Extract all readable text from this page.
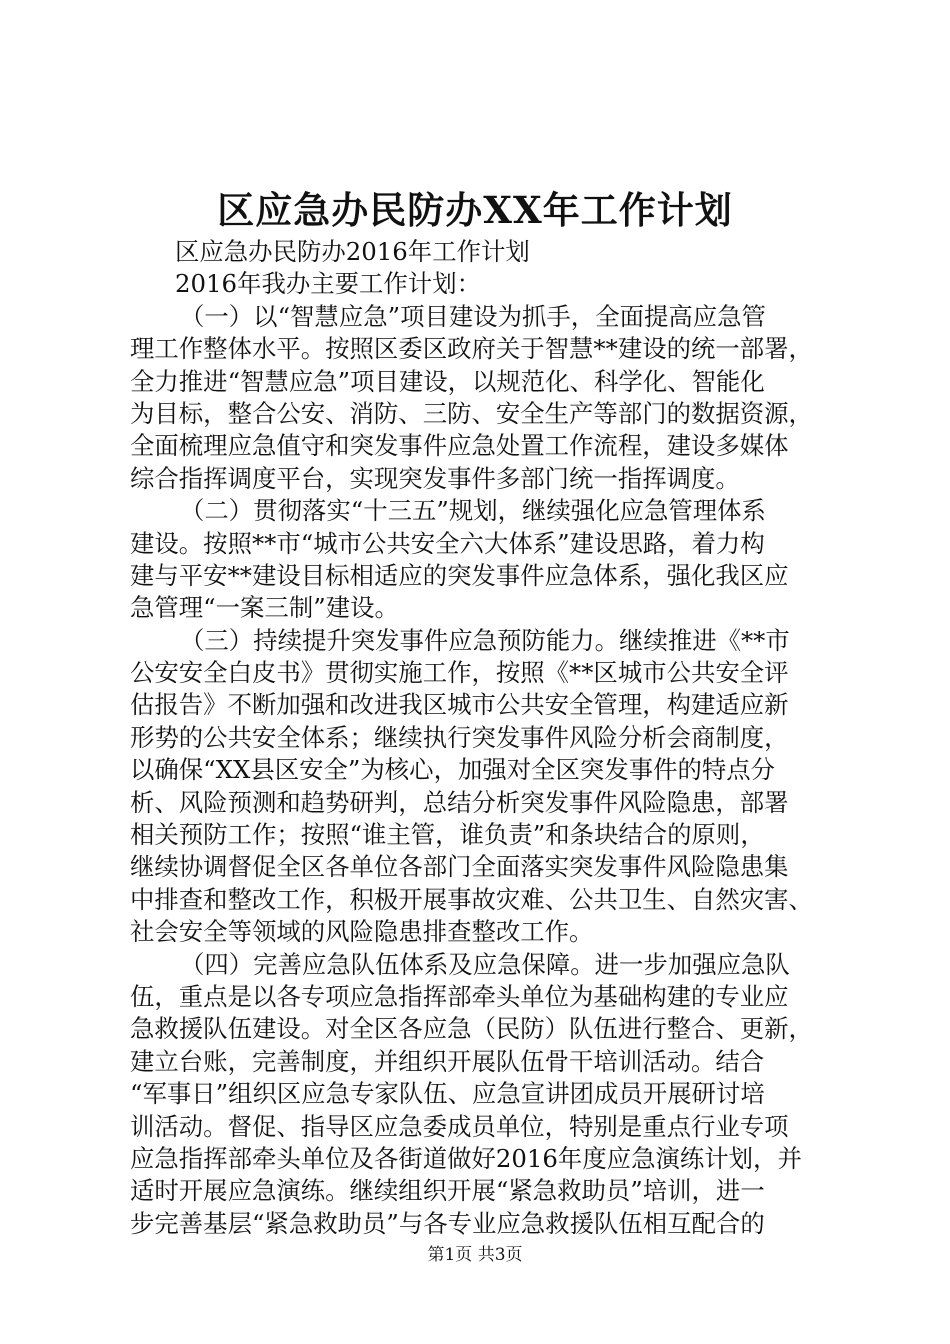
区应急办民防办XX年工作计划
区应急办民防办2016年工作计划
2016年我办主要工作计划：
（一）以“智慧应急”项目建设为抓手，全面提高应急管
理工作整体水平。按照区委区政府关于智慧**建设的统一部署，
全力推进“智慧应急”项目建设，以规范化、科学化、智能化
为目标，整合公安、消防、三防、安全生产等部门的数据资源，
全面梳理应急值守和突发事件应急处置工作流程，建设多媒体
综合指挥调度平台，实现突发事件多部门统一指挥调度。
（二）贯彻落实“十三五”规划，继续强化应急管理体系
建设。按照**市“城市公共安全六大体系”建设思路，着力构
建与平安**建设目标相适应的突发事件应急体系，强化我区应
急管理“一案三制”建设。
（三）持续提升突发事件应急预防能力。继续推进《**市
公安安全白皮书》贯彻实施工作，按照《**区城市公共安全评
估报告》不断加强和改进我区城市公共安全管理，构建适应新
形势的公共安全体系；继续执行突发事件风险分析会商制度，
以确保“XX县区安全”为核心，加强对全区突发事件的特点分
析、风险预测和趋势研判，总结分析突发事件风险隐患，部署
相关预防工作；按照“谁主管，谁负责”和条块结合的原则，
继续协调督促全区各单位各部门全面落实突发事件风险隐患集
中排查和整改工作，积极开展事故灾难、公共卫生、自然灾害、
社会安全等领域的风险隐患排查整改工作。
（四）完善应急队伍体系及应急保障。进一步加强应急队
伍，重点是以各专项应急指挥部牵头单位为基础构建的专业应
急救援队伍建设。对全区各应急（民防）队伍进行整合、更新，
建立台账，完善制度，并组织开展队伍骨干培训活动。结合
“军事日”组织区应急专家队伍、应急宣讲团成员开展研讨培
训活动。督促、指导区应急委成员单位，特别是重点行业专项
应急指挥部牵头单位及各街道做好2016年度应急演练计划，并
适时开展应急演练。继续组织开展“紧急救助员”培训，进一
步完善基层“紧急救助员”与各专业应急救援队伍相互配合的
第1页 共3页
